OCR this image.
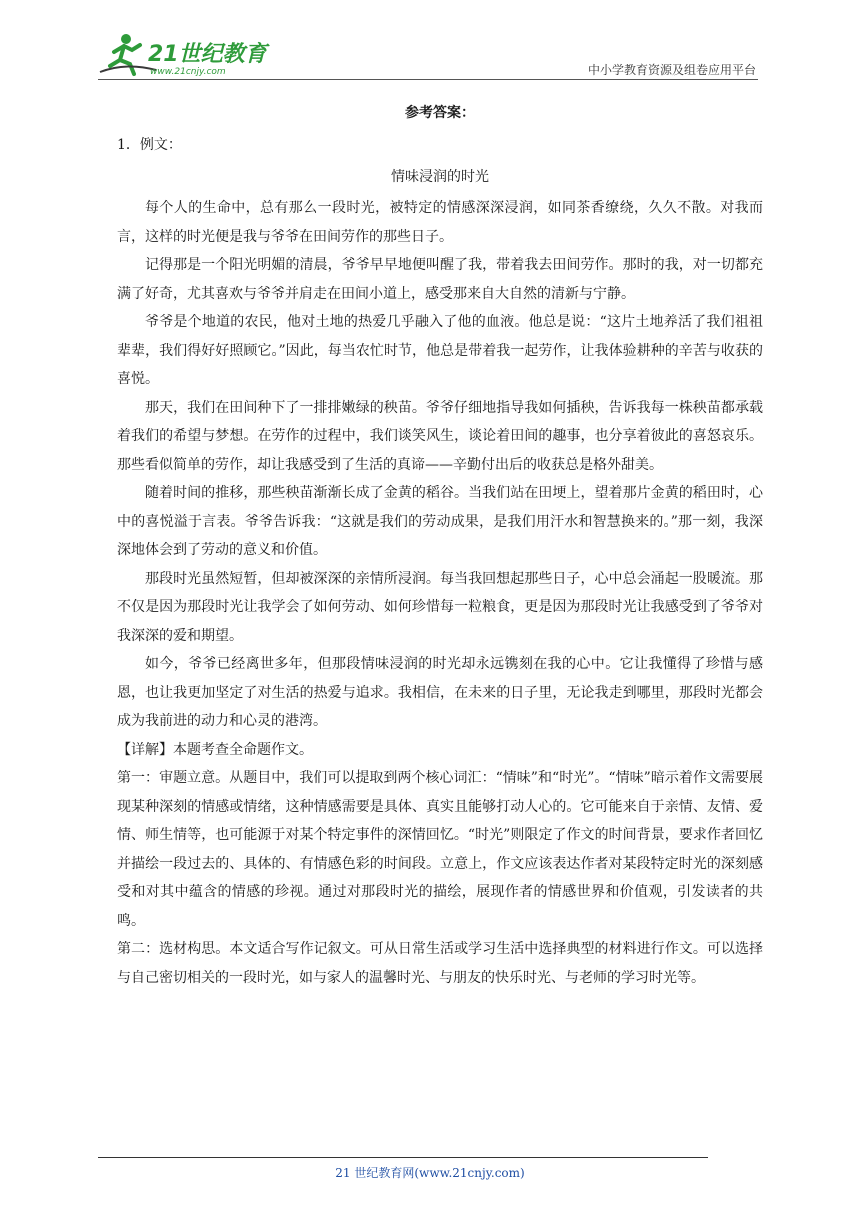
21世纪教育
www.21cnjy.com	中小学教育资源及组卷应用平台

参考答案：

1．例文：

情味浸润的时光

每个人的生命中，总有那么一段时光，被特定的情感深深浸润，如同茶香缭绕，久久不散。对我而言，这样的时光便是我与爷爷在田间劳作的那些日子。

记得那是一个阳光明媚的清晨，爷爷早早地便叫醒了我，带着我去田间劳作。那时的我，对一切都充满了好奇，尤其喜欢与爷爷并肩走在田间小道上，感受那来自大自然的清新与宁静。

爷爷是个地道的农民，他对土地的热爱几乎融入了他的血液。他总是说：“这片土地养活了我们祖祖辈辈，我们得好好照顾它。”因此，每当农忙时节，他总是带着我一起劳作，让我体验耕种的辛苦与收获的喜悦。

那天，我们在田间种下了一排排嫩绿的秧苗。爷爷仔细地指导我如何插秧，告诉我每一株秧苗都承载着我们的希望与梦想。在劳作的过程中，我们谈笑风生，谈论着田间的趣事，也分享着彼此的喜怒哀乐。那些看似简单的劳作，却让我感受到了生活的真谛——辛勤付出后的收获总是格外甜美。

随着时间的推移，那些秧苗渐渐长成了金黄的稻谷。当我们站在田埂上，望着那片金黄的稻田时，心中的喜悦溢于言表。爷爷告诉我：“这就是我们的劳动成果，是我们用汗水和智慧换来的。”那一刻，我深深地体会到了劳动的意义和价值。

那段时光虽然短暂，但却被深深的亲情所浸润。每当我回想起那些日子，心中总会涌起一股暖流。那不仅是因为那段时光让我学会了如何劳动、如何珍惜每一粒粮食，更是因为那段时光让我感受到了爷爷对我深深的爱和期望。

如今，爷爷已经离世多年，但那段情味浸润的时光却永远镌刻在我的心中。它让我懂得了珍惜与感恩，也让我更加坚定了对生活的热爱与追求。我相信，在未来的日子里，无论我走到哪里，那段时光都会成为我前进的动力和心灵的港湾。

【详解】本题考查全命题作文。

第一：审题立意。从题目中，我们可以提取到两个核心词汇：“情味”和“时光”。“情味”暗示着作文需要展现某种深刻的情感或情绪，这种情感需要是具体、真实且能够打动人心的。它可能来自于亲情、友情、爱情、师生情等，也可能源于对某个特定事件的深情回忆。“时光”则限定了作文的时间背景，要求作者回忆并描绘一段过去的、具体的、有情感色彩的时间段。立意上，作文应该表达作者对某段特定时光的深刻感受和对其中蕴含的情感的珍视。通过对那段时光的描绘，展现作者的情感世界和价值观，引发读者的共鸣。

第二：选材构思。本文适合写作记叙文。可从日常生活或学习生活中选择典型的材料进行作文。可以选择与自己密切相关的一段时光，如与家人的温馨时光、与朋友的快乐时光、与老师的学习时光等。

21 世纪教育网(www.21cnjy.com)
